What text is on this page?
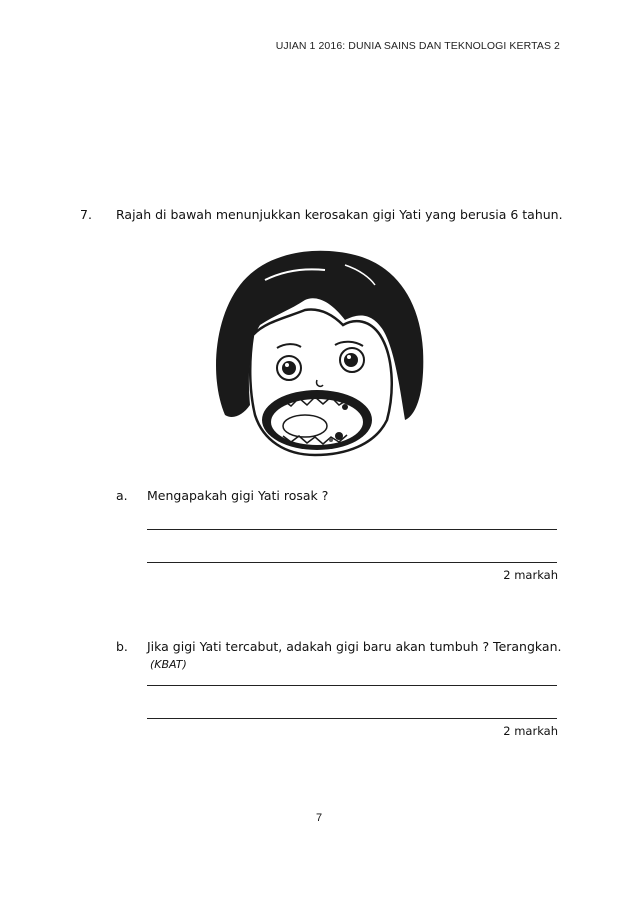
UJIAN 1 2016: DUNIA SAINS DAN TEKNOLOGI KERTAS 2
7. Rajah di bawah menunjukkan kerosakan gigi Yati yang berusia 6 tahun.
a. Mengapakah gigi Yati rosak ?
2 markah
b. Jika gigi Yati tercabut, adakah gigi baru akan tumbuh ? Terangkan.
(KBAT)
2 markah
7
